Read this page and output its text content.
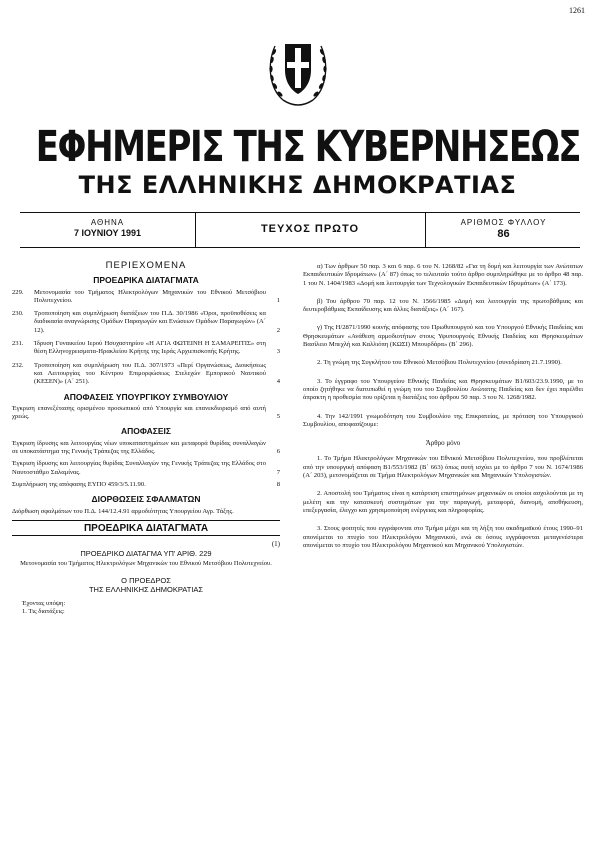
1261
ΕΦΗΜΕΡΙΣ ΤΗΣ ΚΥΒΕΡΝΗΣΕΩΣ
ΤΗΣ ΕΛΛΗΝΙΚΗΣ ΔΗΜΟΚΡΑΤΙΑΣ
ΑΘΗΝΑ
7 ΙΟΥΝΙΟΥ 1991	ΤΕΥΧΟΣ ΠΡΩΤΟ
ΑΡΙΘΜΟΣ ΦΥΛΛΟΥ
86
ΠΕΡΙΕΧΟΜΕΝΑ
ΠΡΟΕΔΡΙΚΑ ΔΙΑΤΑΓΜΑΤΑ
229.	Μετονομασία του Τμήματος Ηλεκτρολόγων Μηχανικών του Εθνικού Μετσόβιου Πολυτεχνείου.	1
230.	Τροποποίηση και συμπλήρωση διατάξεων του Π.Δ. 30/1986 «Όροι, προϋποθέσεις κα διαδικασία αναγνώρισης Ομάδων Παραγωγών και Ενώσεων Ομάδων Παραγωγών» (Α΄ 12).	2
231.	Ίδρυση Γυναικείου Ιερού Ησυχαστηρίου «Η ΑΓΙΑ ΦΩΤΕΙΝΗ Η ΣΑΜΑΡΕΙΤΙΣ» στη θέση Ελληνοχρεισματα-Ηρακλείου Κρήτης της Ιεράς Αρχιεπισκοπής Κρήτης.	3
232.	Τροποποίηση και συμπλήρωση του Π.Δ. 307/1973 «Περί Οργανώσεως, Διοικήσεως και Λειτουργίας του Κέντρου Επιμορφώσεως Στελεχών Εμπορικού Ναυτικού (ΚΕΣΕΝ)» (Α΄ 251).	4
ΑΠΟΦΑΣΕΙΣ ΥΠΟΥΡΓΙΚΟΥ ΣΥΜΒΟΥΛΙΟΥ
Έγκριση επανεξέτασης ορισμένου προσωπικού από Υπουργία και επανεκδιορισμό από αυτή χρεώς.	5
ΑΠΟΦΑΣΕΙΣ
Έγκριση ίδρυσης και λειτουργίας νέων υποκαταστημάτων και μεταφορά θυρίδας συναλλαγών σε υποκατάστημα της Γενικής Τράπεζας της Ελλάδος.	6
Έγκριση ίδρυσης και λειτουργίας θυρίδας Συναλλαγών της Γενικής Τράπεζας της Ελλάδος στο Ναυτοστάθμο Σαλαμίνας.	7
Συμπλήρωση της απόφασης ΕΥΠΟ 459/3/5.11.90.	8
ΔΙΟΡΘΩΣΕΙΣ ΣΦΑΛΜΑΤΩΝ
Διόρθωση σφαλμάτων του Π.Δ. 144/12.4.91 αρμοδιότητας Υπουργείου Αγρ. Τάξης.
ΠΡΟΕΔΡΙΚΑ ΔΙΑΤΑΓΜΑΤΑ
(1)
ΠΡΟΕΔΡΙΚΟ ΔΙΑΤΑΓΜΑ ΥΠ' ΑΡΙΘ. 229
Μετονομασία του Τμήματος Ηλεκτρολόγων Μηχανικών του Εθνικού Μετσόβιου Πολυτεχνείου.
Ο ΠΡΟΕΔΡΟΣ
ΤΗΣ ΕΛΛΗΝΙΚΗΣ ΔΗΜΟΚΡΑΤΙΑΣ
Έχοντας υπόψη:
1. Τις διατάξεις:

α) Των άρθρων 50 παρ. 3 και 6 παρ. 6 του Ν. 1268/82 «Για τη δομή και λειτουργία των Ανώτατων Εκπαιδευτικών Ιδρυμάτων» (Α΄ 87) όπως το τελευταίο τούτο άρθρο συμπληρώθηκε με το άρθρο 48 παρ. 1 του Ν. 1404/1983 «Δομή και λειτουργία των Τεχνολογικών Εκπαιδευτικών Ιδρυμάτων» (Α΄ 173).

β) Του άρθρου 70 παρ. 12 του Ν. 1566/1985 «Δομή και λειτουργία της πρωτοβάθμιας και δευτεροβάθμιας Εκπαίδευσης και άλλες διατάξεις» (Α΄ 167).

γ) Της Η/2871/1990 κοινής απόφασης του Πρωθυπουργού και του Υπουργού Εθνικής Παιδείας και Θρησκευμάτων «Ανάθεση αρμοδιοτήτων στους Υφυπουργούς Εθνικής Παιδείας και Θρησκευμάτων Βασίλειο Μπεχλή και Καλλιόπη (ΚΩΣΙ) Μπουρδάρα» (Β΄ 296).

2. Τη γνώμη της Συγκλήτου του Εθνικού Μετσόβιου Πολυτεχνείου (συνεδρίαση 21.7.1990).

3. Το έγγραφο του Υπουργείου Εθνικής Παιδείας και Θρησκευμάτων Β1/603/23.9.1990, με το οποίο ζητήθηκε να διατυπωθεί η γνώμη του του Συμβουλίου Ανώτατης Παιδείας και δεν έχει παρέλθει άπρακτη η προθεσμία που ορίζεται η διατάξεις του άρθρου 50 παρ. 3 του Ν. 1268/1982.

4. Την 142/1991 γνωμοδότηση του Συμβουλίου της Επικρατείας, με πρόταση του Υπουργικού Συμβουλίου, αποφασίζουμε:

Άρθρο μόνο

1. Το Τμήμα Ηλεκτρολόγων Μηχανικών του Εθνικού Μετσόβιου Πολυτεχνείου, που προβλέπεται από την υπουργική απόφαση Β1/553/1982 (Β΄ 663) όπως αυτή ισχύει με το άρθρο 7 του Ν. 1674/1986 (Α΄ 203), μετονομάζεται σε Τμήμα Ηλεκτρολόγων Μηχανικών και Μηχανικών Υπολογιστών.

2. Αποστολή του Τμήματος είναι η κατάρτιση επιστημόνων μηχανικών οι οποίοι ασχολούνται με τη μελέτη και την κατασκευή συστημάτων για την παραγωγή, μεταφορά, διανομή, αποθήκευση, επεξεργασία, έλεγχο και χρησιμοποίηση ενέργειας και πληροφορίας.

3. Στους φοιτητές που εγγράφονται στο Τμήμα μέχρι και τη λήξη του ακαδημαϊκού έτους 1990–91 απονέμεται το πτυχίο του Ηλεκτρολόγου Μηχανικού, ενώ σε όσους εγγράφονται μεταγενέστερα απονέμεται το πτυχίο του Ηλεκτρολόγου Μηχανικού και Μηχανικού Υπολογιστών.
